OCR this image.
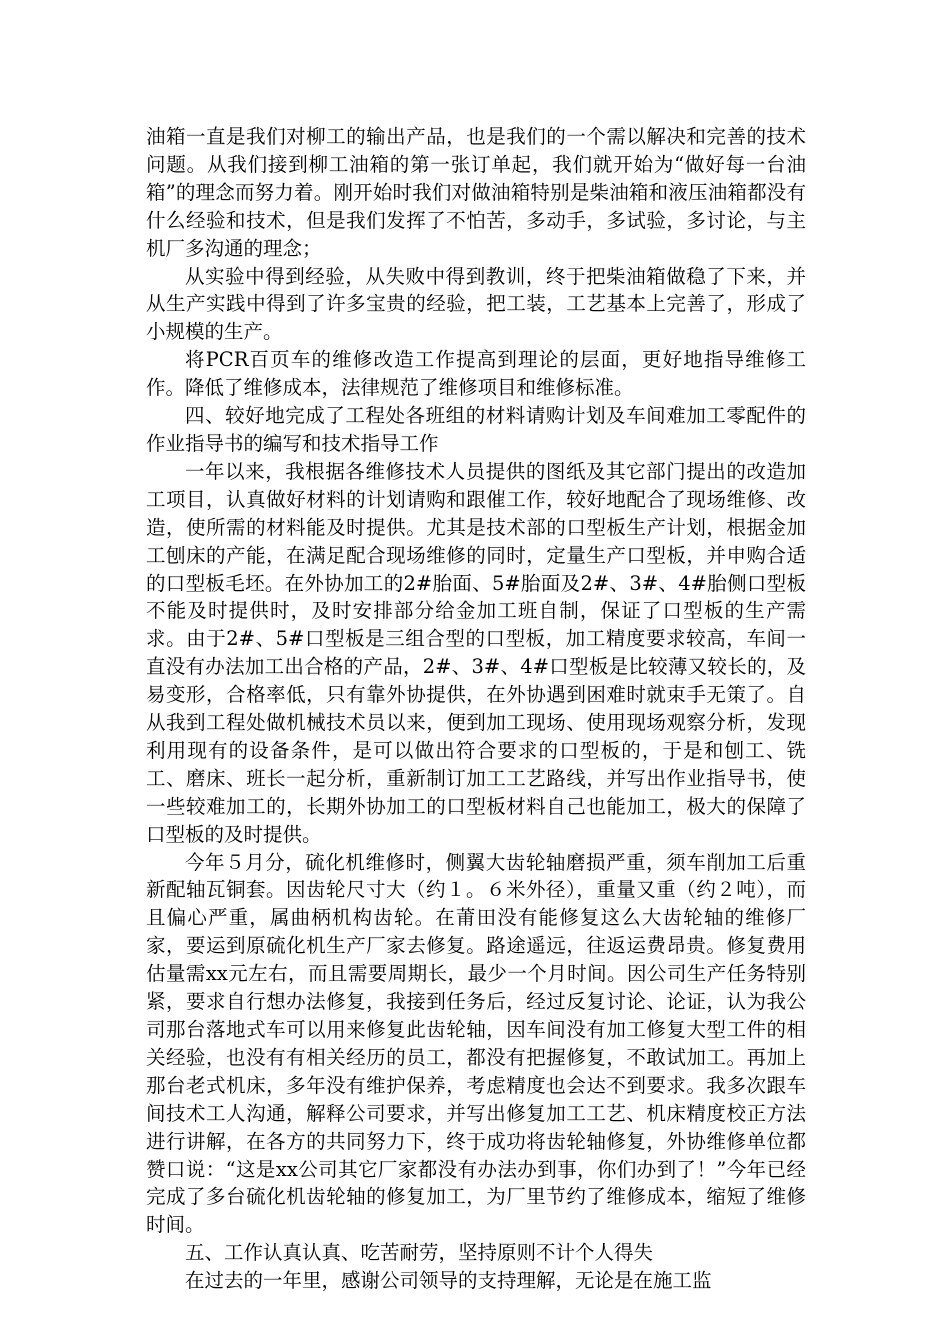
油箱一直是我们对柳工的输出产品，也是我们的一个需以解决和完善的技术问题。从我们接到柳工油箱的第一张订单起，我们就开始为“做好每一台油箱”的理念而努力着。刚开始时我们对做油箱特别是柴油箱和液压油箱都没有什么经验和技术，但是我们发挥了不怕苦，多动手，多试验，多讨论，与主机厂多沟通的理念；

从实验中得到经验，从失败中得到教训，终于把柴油箱做稳了下来，并从生产实践中得到了许多宝贵的经验，把工装，工艺基本上完善了，形成了小规模的生产。

将PCR百页车的维修改造工作提高到理论的层面，更好地指导维修工作。降低了维修成本，法律规范了维修项目和维修标准。

四、较好地完成了工程处各班组的材料请购计划及车间难加工零配件的作业指导书的编写和技术指导工作

一年以来，我根据各维修技术人员提供的图纸及其它部门提出的改造加工项目，认真做好材料的计划请购和跟催工作，较好地配合了现场维修、改造，使所需的材料能及时提供。尤其是技术部的口型板生产计划，根据金加工刨床的产能，在满足配合现场维修的同时，定量生产口型板，并申购合适的口型板毛坯。在外协加工的2#胎面、5#胎面及2#、3#、4#胎侧口型板不能及时提供时，及时安排部分给金加工班自制，保证了口型板的生产需求。由于2#、5#口型板是三组合型的口型板，加工精度要求较高，车间一直没有办法加工出合格的产品，2#、3#、4#口型板是比较薄又较长的，及易变形，合格率低，只有靠外协提供，在外协遇到困难时就束手无策了。自从我到工程处做机械技术员以来，便到加工现场、使用现场观察分析，发现利用现有的设备条件，是可以做出符合要求的口型板的，于是和刨工、铣工、磨床、班长一起分析，重新制订加工工艺路线，并写出作业指导书，使一些较难加工的，长期外协加工的口型板材料自己也能加工，极大的保障了口型板的及时提供。

今年５月分，硫化机维修时，侧翼大齿轮轴磨损严重，须车削加工后重新配轴瓦铜套。因齿轮尺寸大（约１。６米外径），重量又重（约２吨），而且偏心严重，属曲柄机构齿轮。在莆田没有能修复这么大齿轮轴的维修厂家，要运到原硫化机生产厂家去修复。路途遥远，往返运费昂贵。修复费用估量需xx元左右，而且需要周期长，最少一个月时间。因公司生产任务特别紧，要求自行想办法修复，我接到任务后，经过反复讨论、论证，认为我公司那台落地式车可以用来修复此齿轮轴，因车间没有加工修复大型工件的相关经验，也没有有相关经历的员工，都没有把握修复，不敢试加工。再加上那台老式机床，多年没有维护保养，考虑精度也会达不到要求。我多次跟车间技术工人沟通，解释公司要求，并写出修复加工工艺、机床精度校正方法进行讲解，在各方的共同努力下，终于成功将齿轮轴修复，外协维修单位都赞口说：“这是xx公司其它厂家都没有办法办到事，你们办到了！”今年已经完成了多台硫化机齿轮轴的修复加工，为厂里节约了维修成本，缩短了维修时间。

五、工作认真认真、吃苦耐劳，坚持原则不计个人得失

在过去的一年里，感谢公司领导的支持理解，无论是在施工监
